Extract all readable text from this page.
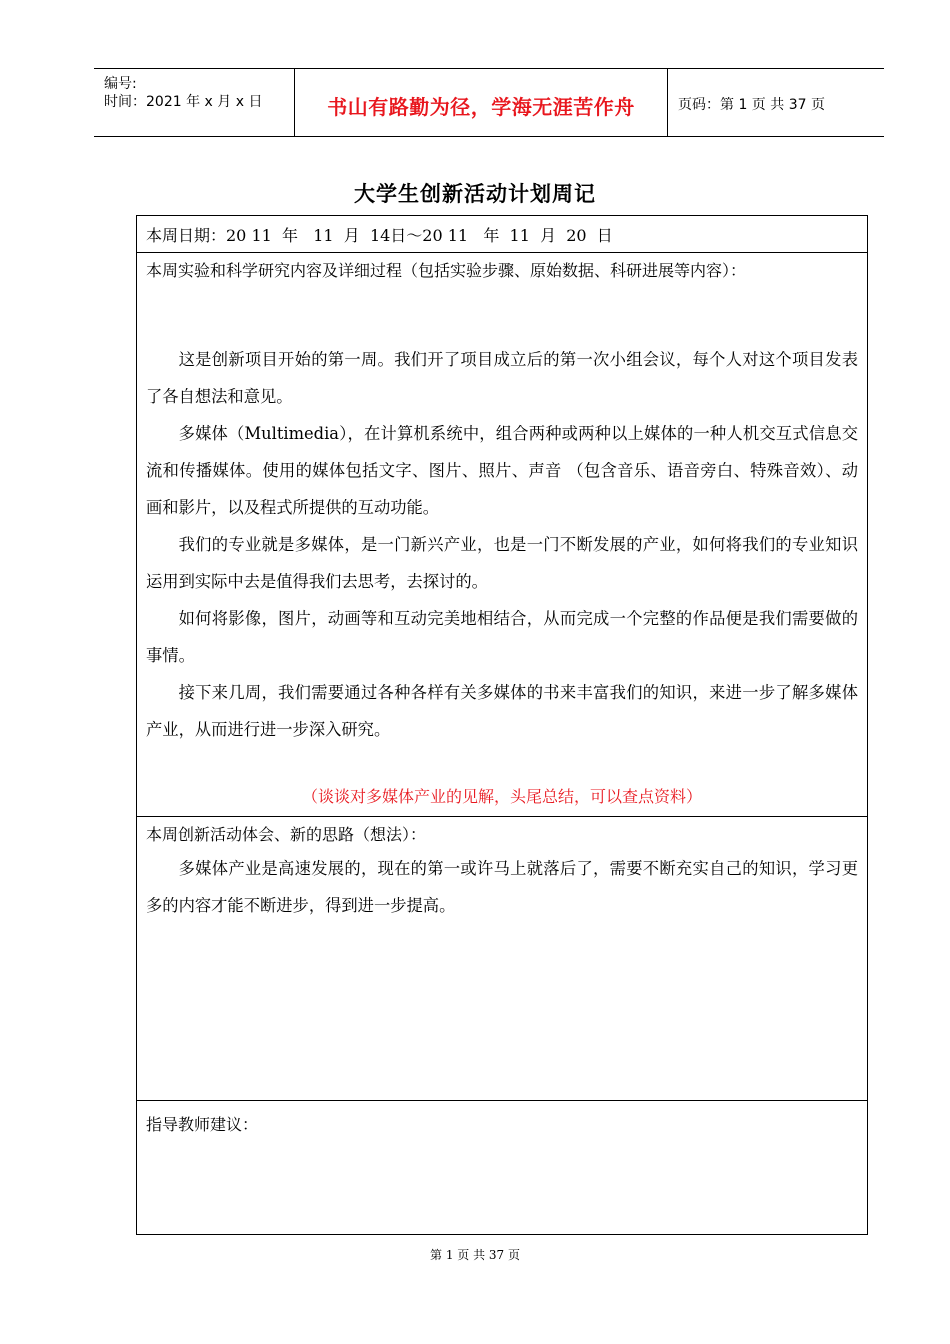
编号:
时间：2021 年 x 月 x 日	书山有路勤为径，学海无涯苦作舟	页码：第 1 页 共 37 页
大学生创新活动计划周记
本周日期：20 11  年   11  月  14日～20 11   年  11  月  20  日
本周实验和科学研究内容及详细过程（包括实验步骤、原始数据、科研进展等内容）：

这是创新项目开始的第一周。我们开了项目成立后的第一次小组会议，每个人对这个项目发表了各自想法和意见。

多媒体（Multimedia），在计算机系统中，组合两种或两种以上媒体的一种人机交互式信息交流和传播媒体。使用的媒体包括文字、图片、照片、声音 （包含音乐、语音旁白、特殊音效）、动画和影片，以及程式所提供的互动功能。

我们的专业就是多媒体，是一门新兴产业，也是一门不断发展的产业，如何将我们的专业知识运用到实际中去是值得我们去思考，去探讨的。

如何将影像，图片，动画等和互动完美地相结合，从而完成一个完整的作品便是我们需要做的事情。

接下来几周，我们需要通过各种各样有关多媒体的书来丰富我们的知识，来进一步了解多媒体产业，从而进行进一步深入研究。

（谈谈对多媒体产业的见解，头尾总结，可以查点资料）
本周创新活动体会、新的思路（想法）：

多媒体产业是高速发展的，现在的第一或许马上就落后了，需要不断充实自己的知识，学习更多的内容才能不断进步，得到进一步提高。

指导教师建议：
第 1 页 共 37 页
